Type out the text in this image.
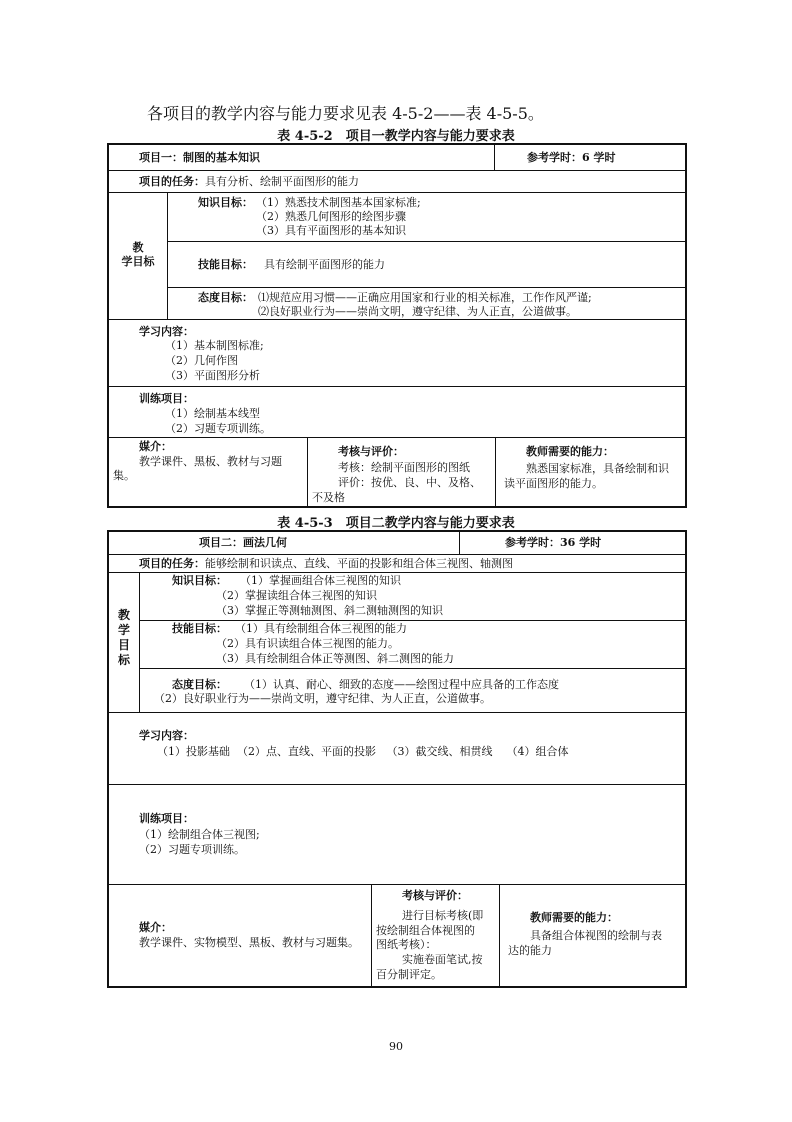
各项目的教学内容与能力要求见表 4-5-2——表 4-5-5。
表 4-5-2　项目一教学内容与能力要求表
项目一：制图的基本知识	参考学时：6 学时
项目的任务：具有分析、绘制平面图形的能力
教
学目标
知识目标： （1）熟悉技术制图基本国家标准;
（2）熟悉几何图形的绘图步骤
（3）具有平面图形的基本知识
技能目标： 具有绘制平面图形的能力
态度目标： ⑴规范应用习惯——正确应用国家和行业的相关标准，工作作风严谨;
⑵良好职业行为——崇尚文明，遵守纪律、为人正直，公道做事。
学习内容：
（1）基本制图标准;
（2）几何作图
（3）平面图形分析
训练项目：
（1）绘制基本线型
（2）习题专项训练。
媒介：
教学课件、黑板、教材与习题
集。
考核与评价：
考核：绘制平面图形的图纸
评价：按优、良、中、及格、
不及格
教师需要的能力：
熟悉国家标准，具备绘制和识
读平面图形的能力。
表 4-5-3　项目二教学内容与能力要求表
项目二：画法几何	参考学时：36 学时
项目的任务：能够绘制和识读点、直线、平面的投影和组合体三视图、轴测图
教
学
目
标
知识目标： （1）掌握画组合体三视图的知识
（2）掌握读组合体三视图的知识
（3）掌握正等测轴测图、斜二测轴测图的知识
技能目标： （1）具有绘制组合体三视图的能力
（2）具有识读组合体三视图的能力。
（3）具有绘制组合体正等测图、斜二测图的能力
态度目标： （1）认真、耐心、细致的态度——绘图过程中应具备的工作态度
（2）良好职业行为——崇尚文明，遵守纪律、为人正直，公道做事。
学习内容：
（1）投影基础  （2）点、直线、平面的投影   （3）截交线、相贯线    （4）组合体
训练项目：
（1）绘制组合体三视图;
（2）习题专项训练。
媒介：
教学课件、实物模型、黑板、教材与习题集。
考核与评价：
进行目标考核(即
按绘制组合体视图的
图纸考核）：
实施卷面笔试,按
百分制评定。
教师需要的能力：
具备组合体视图的绘制与表
达的能力
90
